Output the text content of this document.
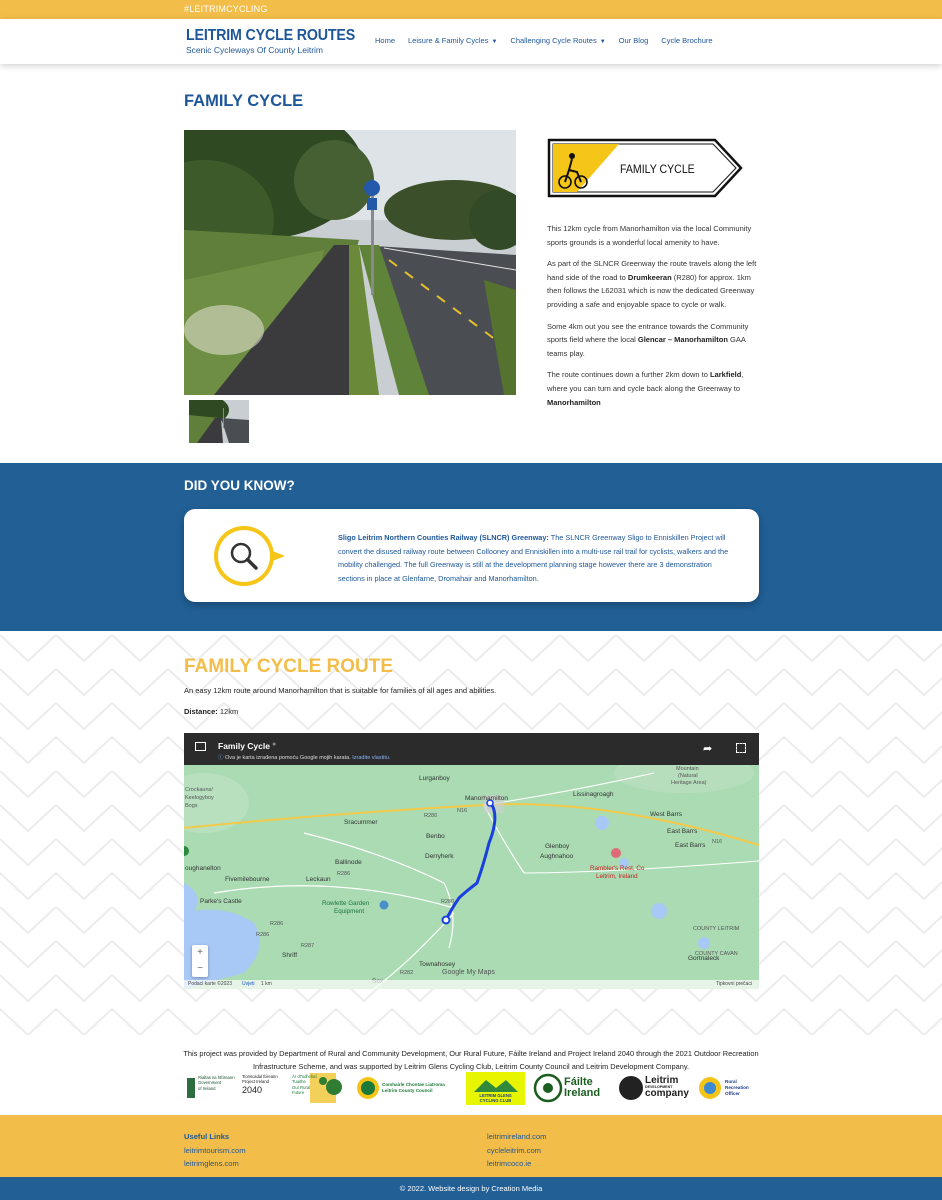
#LEITRIMCYCLING
LEITRIM CYCLE ROUTES
Scenic Cycleways Of County Leitrim
Home Leisure & Family Cycles ▼ Challenging Cycle Routes ▼ Our Blog Cycle Brochure
FAMILY CYCLE
FAMILY CYCLE

This 12km cycle from Manorhamilton via the local Community sports grounds is a wonderful local amenity to have.

As part of the SLNCR Greenway the route travels along the left hand side of the road to Drumkeeran (R280) for approx. 1km then follows the L62031 which is now the dedicated Greenway providing a safe and enjoyable space to cycle or walk.

Some 4km out you see the entrance towards the Community sports field where the local Glencar – Manorhamilton GAA teams play.

The route continues down a further 2km down to Larkfield, where you can turn and cycle back along the Greenway to Manorhamilton

DID YOU KNOW?
Sligo Leitrim Northern Counties Railway (SLNCR) Greenway: The SLNCR Greenway Sligo to Enniskillen Project will convert the disused railway route between Collooney and Enniskillen into a multi-use rail trail for cyclists, walkers and the mobility challenged. The full Greenway is still at the development planning stage however there are 3 demonstration sections in place at Glenfarne, Dromahair and Manorhamilton.
FAMILY CYCLE ROUTE
An easy 12km route around Manorhamilton that is suitable for families of all ages and abilities.
Distance: 12km
Family Cycle ●
ⓘ Ova je karta izrađena pomoću Google mojih karata. Izradite vlastitu.
➦
Lurganboy
Manorhamilton
Lissinagroagh
Mountain
(Natural
Heritage Area)
Crockauns/
Keelogyboy
Bogs
Sracummer
West Barrs
East Barrs
East Barrs
Benbo
Glenboy
Aughnahoo
Derryherk
Ballinode
Rambler's Rest, Co
Leitrim, Ireland
oughanelton
Fivemilebourne	Leckaun
Parke's Castle	Rowlette Garden
Equipment
COUNTY LEITRIM
COUNTY CAVAN
Shriff
Townahosey
Gortnaleck
N16
N16
R280
R280
R286
R286
R286
R282
R287
+
−	Google My Maps
Podaci karte ©2023 Uvjeti 1 km	Tipkovni prečaci
This project was provided by Department of Rural and Community Development, Our Rural Future, Fáilte Ireland and Project Ireland 2040 through the 2021 Outdoor Recreation Infrastructure Scheme, and was supported by Leitrim Glens Cycling Club, Leitrim County Council and Leitrim Development Company.
Rialtas na hÉireann
Government
of Ireland
Tionscadal Éireann
Project Ireland
2040
Ár dTodhchaí
Tuaithe
Our Rural
Future
Comhairle Chontae Liatroma
Leitrim County Council
LEITRIM GLENS
CYCLING CLUB
Fáilte
Ireland
Leitrim
DEVELOPMENT
company
Rural
Recreation
Officer
Useful Links
leitrimtourism.com
leitrimglens.com
leitrimireland.com
cycleleitrim.com
leitrimcoco.ie
© 2022. Website design by Creation Media
